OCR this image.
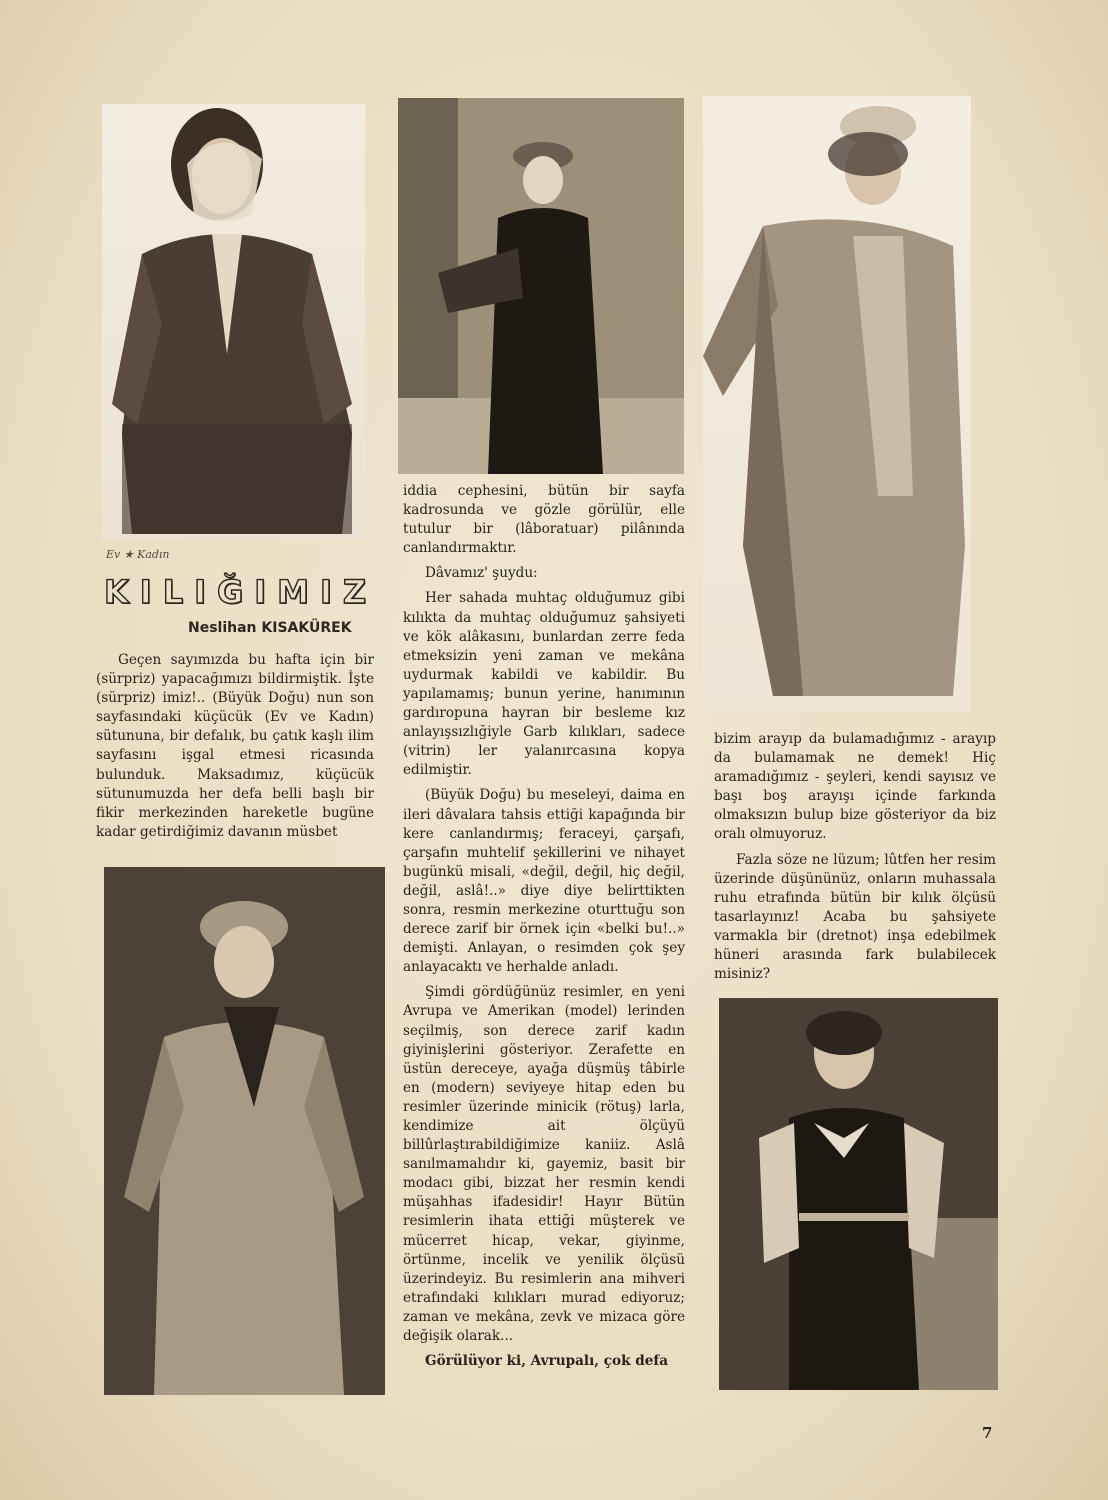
Ev ★ Kadın
KILIĞIMIZ
Neslihan KISAKÜREK

Geçen sayımızda bu hafta için bir (sürpriz) yapacağımızı bildirmiştik. İşte (sürpriz) imiz!.. (Büyük Doğu) nun son sayfasındaki küçücük (Ev ve Kadın) sütununa, bir defalık, bu çatık kaşlı ilim sayfasını işgal etmesi ricasında bulunduk. Maksadımız, küçücük sütunumuzda her defa belli başlı bir fikir merkezinden hareketle bugüne kadar getirdiğimiz davanın müsbet

iddia cephesini, bütün bir sayfa kadrosunda ve gözle görülür, elle tutulur bir (lâboratuar) pilânında canlandırmaktır.

Dâvamız' şuydu:

Her sahada muhtaç olduğumuz gibi kılıkta da muhtaç olduğumuz şahsiyeti ve kök alâkasını, bunlardan zerre feda etmeksizin yeni zaman ve mekâna uydurmak kabildi ve kabildir. Bu yapılamamış; bunun yerine, hanımının gardıropuna hayran bir besleme kız anlayışsızlığiyle Garb kılıkları, sadece (vitrin) ler yalanırcasına kopya edilmiştir.

(Büyük Doğu) bu meseleyi, daima en ileri dâvalara tahsis ettiği kapağında bir kere canlandırmış; feraceyi, çarşafı, çarşafın muhtelif şekillerini ve nihayet bugünkü misali, «değil, değil, hiç değil, değil, aslâ!..» diye diye belirttikten sonra, resmin merkezine oturttuğu son derece zarif bir örnek için «belki bu!..» demişti. Anlayan, o resimden çok şey anlayacaktı ve herhalde anladı.

Şimdi gördüğünüz resimler, en yeni Avrupa ve Amerikan (model) lerinden seçilmiş, son derece zarif kadın giyinişlerini gösteriyor. Zerafette en üstün dereceye, ayağa düşmüş tâbirle en (modern) seviyeye hitap eden bu resimler üzerinde minicik (rötuş) larla, kendimize ait ölçüyü billûrlaştırabildiğimize kaniiz. Aslâ sanılmamalıdır ki, gayemiz, basit bir modacı gibi, bizzat her resmin kendi müşahhas ifadesidir! Hayır Bütün resimlerin ihata ettiği müşterek ve mücerret hicap, vekar, giyinme, örtünme, incelik ve yenilik ölçüsü üzerindeyiz. Bu resimlerin ana mihveri etrafındaki kılıkları murad ediyoruz; zaman ve mekâna, zevk ve mizaca göre değişik olarak...

Görülüyor ki, Avrupalı, çok defa

bizim arayıp da bulamadığımız - arayıp da bulamamak ne demek! Hiç aramadığımız - şeyleri, kendi sayısız ve başı boş arayışı içinde farkında olmaksızın bulup bize gösteriyor da biz oralı olmuyoruz.

Fazla söze ne lüzum; lûtfen her resim üzerinde düşününüz, onların muhassala ruhu etrafında bütün bir kılık ölçüsü tasarlayınız! Acaba bu şahsiyete varmakla bir (dretnot) inşa edebilmek hüneri arasında fark bulabilecek misiniz?

7
